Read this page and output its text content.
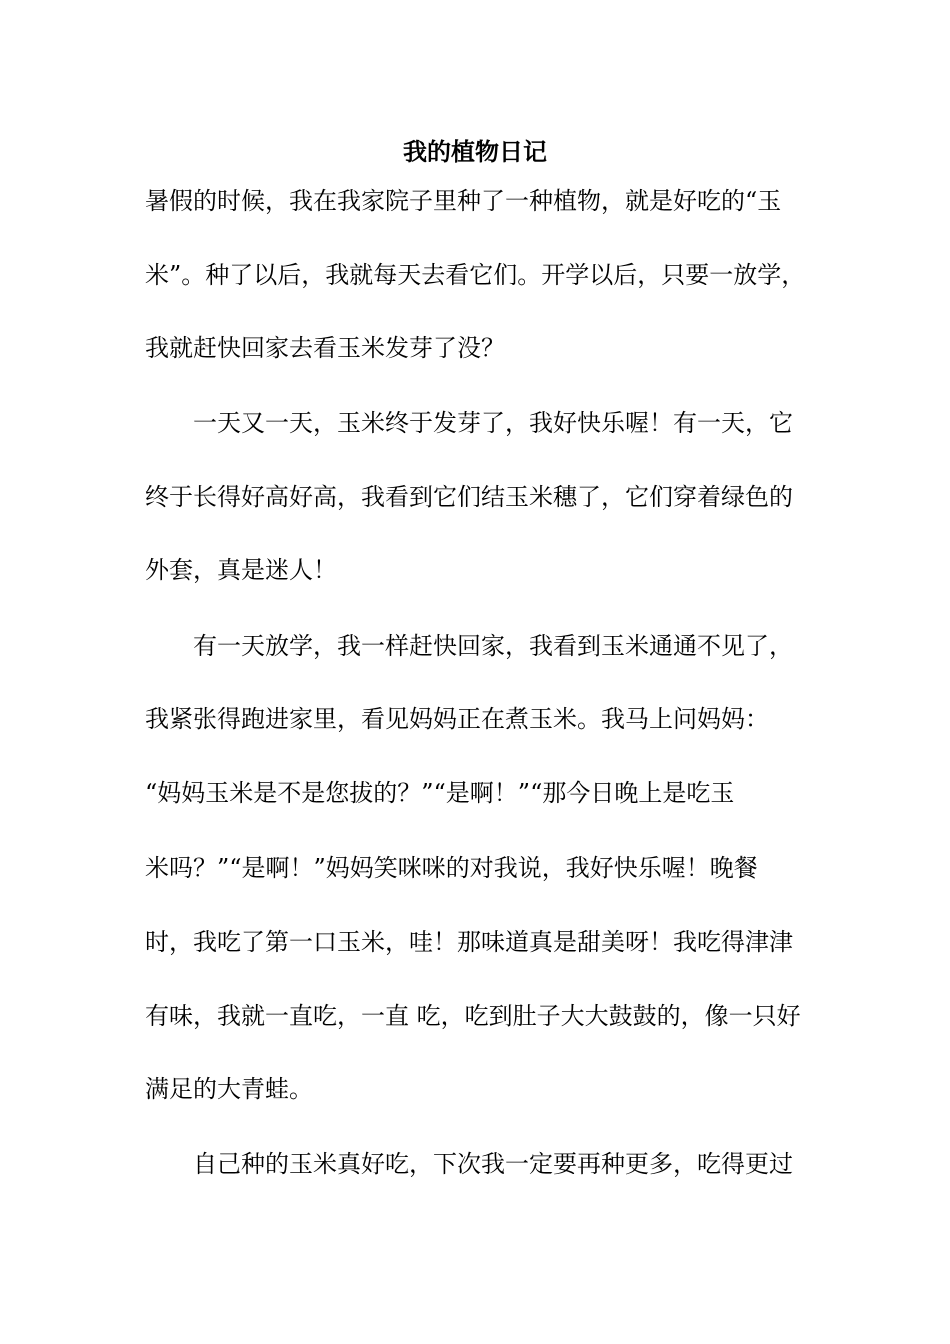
我的植物日记

暑假的时候，我在我家院子里种了一种植物，就是好吃的“玉

米”。种了以后，我就每天去看它们。开学以后，只要一放学，

我就赶快回家去看玉米发芽了没？

一天又一天，玉米终于发芽了，我好快乐喔！有一天，它

终于长得好高好高，我看到它们结玉米穗了，它们穿着绿色的

外套，真是迷人！

有一天放学，我一样赶快回家，我看到玉米通通不见了，

我紧张得跑进家里，看见妈妈正在煮玉米。我马上问妈妈：

“妈妈玉米是不是您拔的？”“是啊！”“那今日晚上是吃玉

米吗？”“是啊！”妈妈笑咪咪的对我说，我好快乐喔！晚餐

时，我吃了第一口玉米，哇！那味道真是甜美呀！我吃得津津

有味，我就一直吃，一直 吃，吃到肚子大大鼓鼓的，像一只好

满足的大青蛙。

自己种的玉米真好吃，下次我一定要再种更多，吃得更过
